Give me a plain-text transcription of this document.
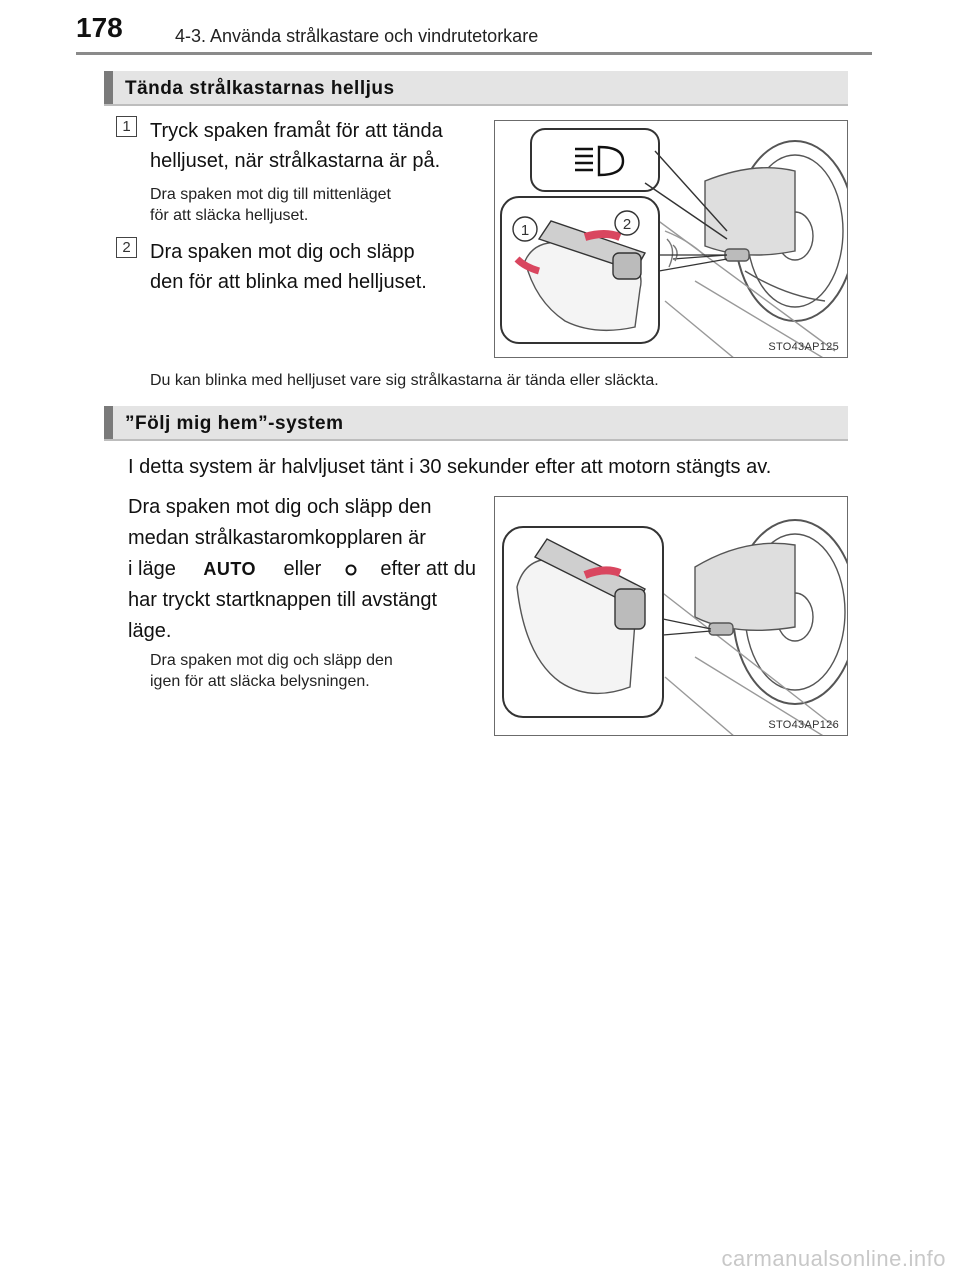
178	4-3. Använda strålkastare och vindrutetorkare
Tända strålkastarnas helljus
1 Tryck spaken framåt för att tända
helljuset, när strålkastarna är på.
Dra spaken mot dig till mittenläget
för att släcka helljuset.
2 Dra spaken mot dig och släpp
den för att blinka med helljuset.
1	2
STO43AP125
Du kan blinka med helljuset vare sig strålkastarna är tända eller släckta.
”Följ mig hem”-system
I detta system är halvljuset tänt i 30 sekunder efter att motorn stängts av.
Dra spaken mot dig och släpp den
medan strålkastaromkopplaren är
i läge	AUTO	eller	efter att du
har tryckt startknappen till avstängt
läge.
Dra spaken mot dig och släpp den
igen för att släcka belysningen.
STO43AP126
carmanualsonline.info
